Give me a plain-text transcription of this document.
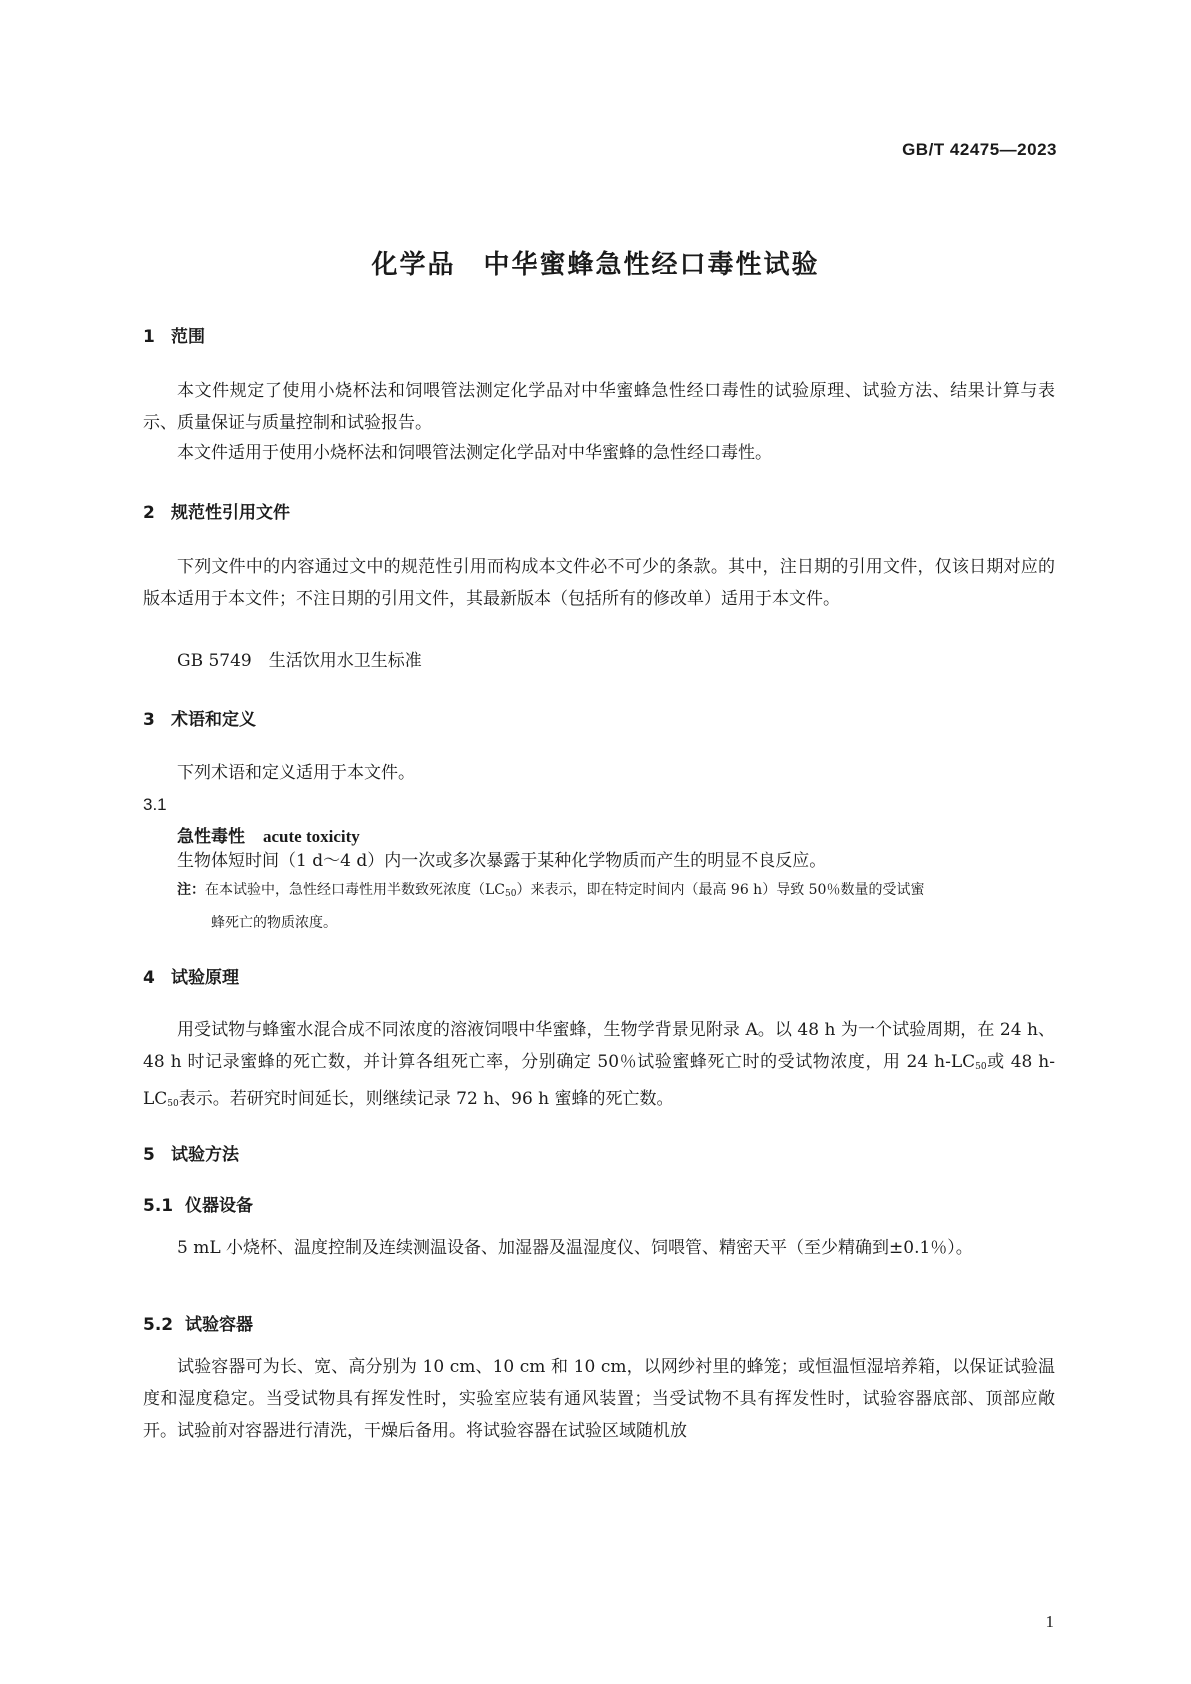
GB/T 42475—2023
化学品　中华蜜蜂急性经口毒性试验
1 范围
本文件规定了使用小烧杯法和饲喂管法测定化学品对中华蜜蜂急性经口毒性的试验原理、试验方法、结果计算与表示、质量保证与质量控制和试验报告。
本文件适用于使用小烧杯法和饲喂管法测定化学品对中华蜜蜂的急性经口毒性。
2 规范性引用文件
下列文件中的内容通过文中的规范性引用而构成本文件必不可少的条款。其中，注日期的引用文件，仅该日期对应的版本适用于本文件；不注日期的引用文件，其最新版本（包括所有的修改单）适用于本文件。
GB 5749　生活饮用水卫生标准
3 术语和定义
下列术语和定义适用于本文件。
3.1
急性毒性 acute toxicity
生物体短时间（1 d～4 d）内一次或多次暴露于某种化学物质而产生的明显不良反应。
注：在本试验中，急性经口毒性用半数致死浓度$(LC_{50})$来表示，即在特定时间内（最高 96 h）导致 50％数量的受试蜜
蜂死亡的物质浓度。
4 试验原理
用受试物与蜂蜜水混合成不同浓度的溶液饲喂中华蜜蜂，生物学背景见附录 A。以 48 h 为一个试验周期，在 24 h、48 h 时记录蜜蜂的死亡数，并计算各组死亡率，分别确定 50％试验蜜蜂死亡时的受试物浓度，用 24 $h-LC_{50}$或 48 $h-LC_{50}$表示。若研究时间延长，则继续记录 72 h、96 h 蜜蜂的死亡数。
5 试验方法
5.1 仪器设备
5 mL 小烧杯、温度控制及连续测温设备、加湿器及温湿度仪、饲喂管、精密天平（至少精确到±0.1％）。
5.2 试验容器
试验容器可为长、宽、高分别为 10 cm、10 cm 和 10 cm，以网纱衬里的蜂笼；或恒温恒湿培养箱，以保证试验温度和湿度稳定。当受试物具有挥发性时，实验室应装有通风装置；当受试物不具有挥发性时，试验容器底部、顶部应敞开。试验前对容器进行清洗，干燥后备用。将试验容器在试验区域随机放
1
